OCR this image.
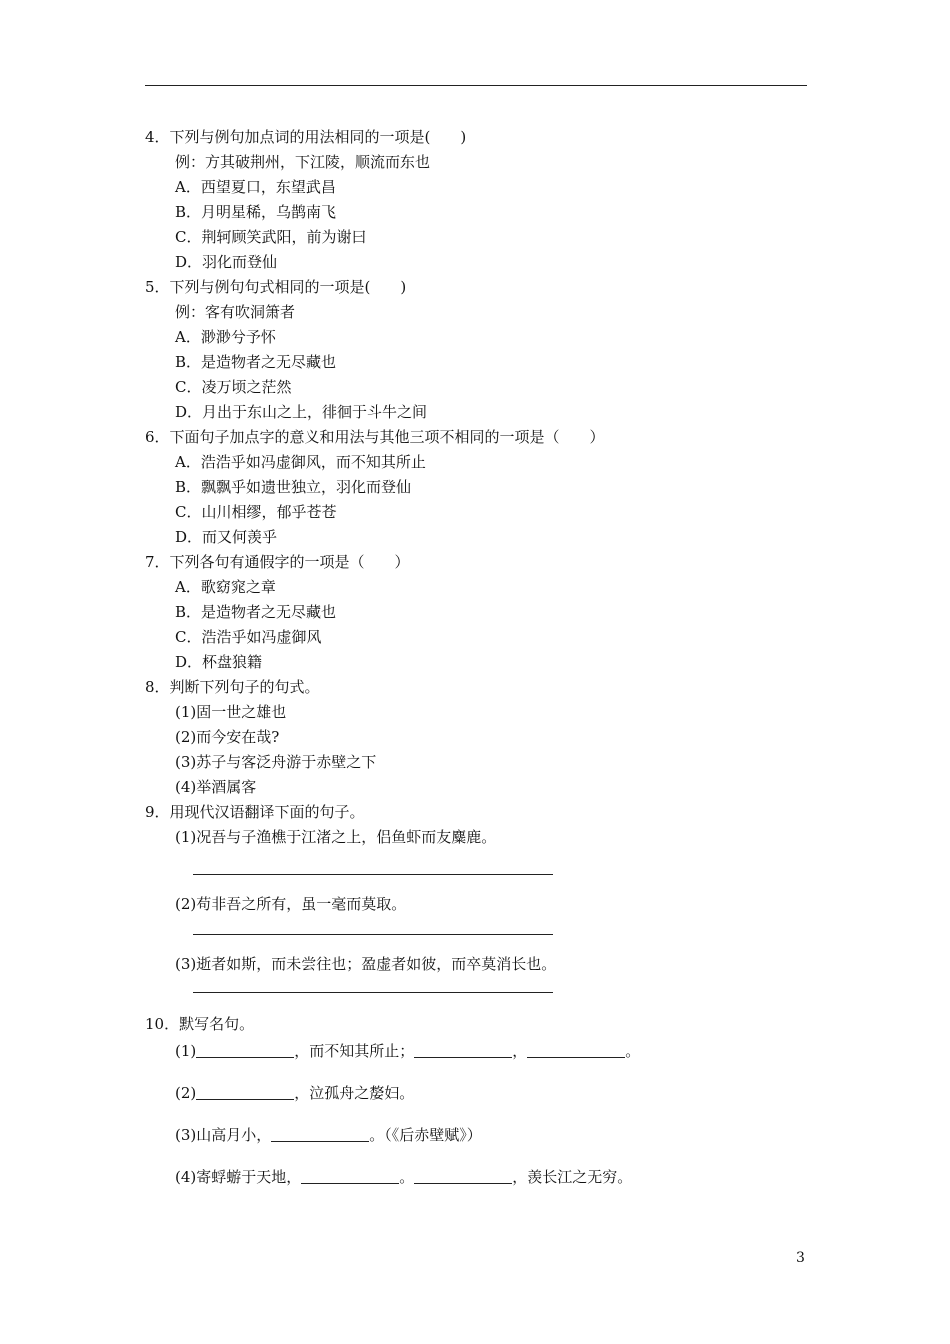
4．下列与例句加点词的用法相同的一项是(　　)
例：方其破荆州，下江陵，顺流而东也
A．西望夏口，东望武昌
B．月明星稀，乌鹊南飞
C．荆轲顾笑武阳，前为谢曰
D．羽化而登仙
5．下列与例句句式相同的一项是(　　)
例：客有吹洞箫者
A．渺渺兮予怀
B．是造物者之无尽藏也
C．凌万顷之茫然
D．月出于东山之上，徘徊于斗牛之间
6．下面句子加点字的意义和用法与其他三项不相同的一项是（　　）
A．浩浩乎如冯虚御风，而不知其所止
B．飘飘乎如遗世独立，羽化而登仙
C．山川相缪，郁乎苍苍
D．而又何羡乎
7．下列各句有通假字的一项是（　　）
A．歌窈窕之章
B．是造物者之无尽藏也
C．浩浩乎如冯虚御风
D．杯盘狼籍
8．判断下列句子的句式。
(1)固一世之雄也
(2)而今安在哉?
(3)苏子与客泛舟游于赤壁之下
(4)举酒属客
9．用现代汉语翻译下面的句子。
(1)况吾与子渔樵于江渚之上，侣鱼虾而友麋鹿。
(2)苟非吾之所有，虽一毫而莫取。
(3)逝者如斯，而未尝往也；盈虚者如彼，而卒莫消长也。
10．默写名句。
(1)	，而不知其所止；	，	。
(2)	，泣孤舟之嫠妇。
(3)山高月小，	。（《后赤壁赋》）
(4)寄蜉蝣于天地，	。	，羡长江之无穷。
3
